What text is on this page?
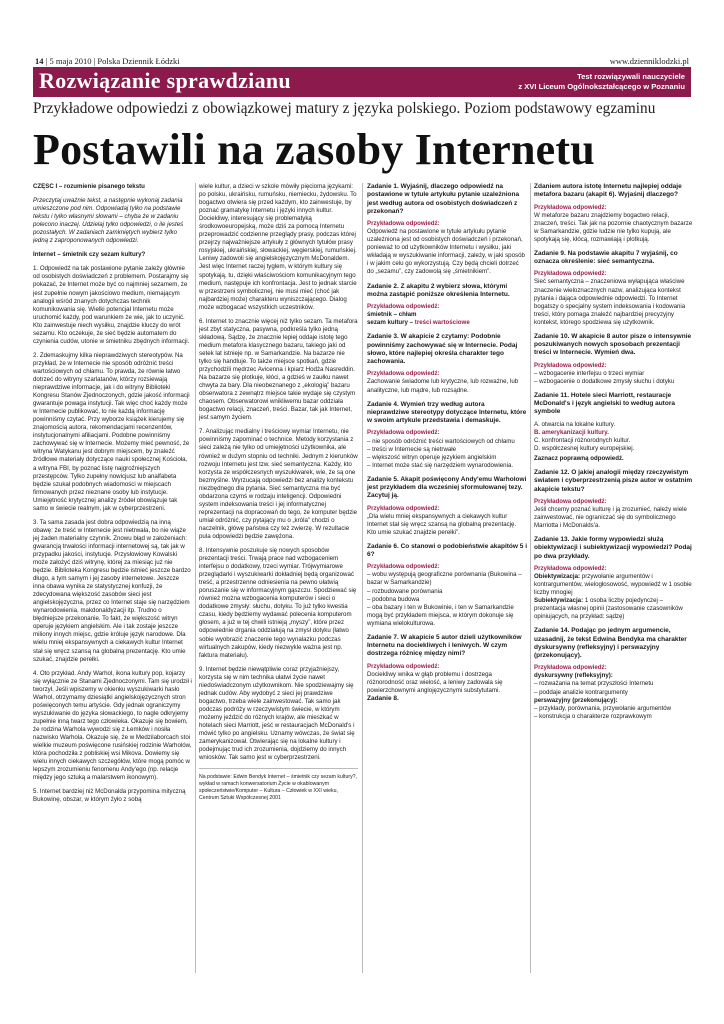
14 | 5 maja 2010 | Polska Dziennik Łódzki	www.dzienniklodzki.pl
Rozwiązanie sprawdzianu	Test rozwiązywali nauczyciele
z XVI Liceum Ogólnokształcącego w Poznaniu
Przykładowe odpowiedzi z obowiązkowej matury z języka polskiego. Poziom podstawowy egzaminu
Postawili na zasoby Internetu

CZĘŚĆ I – rozumienie pisanego tekstu

Przeczytaj uważnie tekst, a następnie wykonaj zadania umieszczone pod nim. Odpowiadaj tylko na podstawie tekstu i tylko własnymi słowami – chyba że w zadaniu polecono inaczej. Udzielaj tylko odpowiedzi, o ile jesteś pozostałych. W zadaniach zamkniętych wybierz tylko jedną z zaproponowanych odpowiedzi.

Internet – śmietnik czy sezam kultury?

1. Odpowiedź na tak postawione pytanie zależy głównie od osobistych doświadczeń z problemem. Postarajmy się pokazać, że Internet może być co najmniej sezamem, że jest zupełnie nowym jakościowo medium, niemającym analogii wśród znanych dotychczas technik komunikowania się. Wielki potencjał Internetu może uruchomić każdy, pod warunkiem że wie, jak to uczynić. Kto zainwestuje niech wysiłku, znajdzie kluczy do wrót sezamu. Kto oczekuje, że sieć będzie automatem do czynienia cudów, utonie w śmietniku zbędnych informacji.

2. Zdemaskujmy kilka nieprawdziwych stereotypów. Na przykład, że w Internecie nie sposób odróżnić treści wartościowych od chłamu. To prawda, że równie łatwo dotrzeć do witryny szarlatanów, którzy rozsiewają nieprawdziwe informacje, jak i do witryny Biblioteki Kongresu Stanów Zjednoczonych, gdzie jakość informacji gwarantuje powaga instytucji. Tak więc choć każdy może w Internecie publikować, to nie każdą informację powinniśmy czytać. Przy wyborze książek kierujemy się znajomością autora, rekomendacjami recenzentów, instytucjonalnymi afiliacjami. Podobne powinniśmy zachowywać się w Internecie. Możemy mieć pewność, że witryna Watykanu jest dobrym miejscem, by znaleźć źródłowe materiały dotyczące nauki społecznej Kościoła, a witryna FBI, by poznać listę najgroźniejszych przestępców. Tylko zupełny nowicjusz lub analfabeta będzie szukał podobnych wiadomości w miejscach firmowanych przez nieznane osoby lub instytucje. Umiejętność krytycznej analizy źródeł obowiązuje tak samo w świecie realnym, jak w cyberprzestrzeni.

3. Ta sama zasada jest dobra odpowiedzią na inną obawę: że treść w Internecie jest nietrwała, bo nie wiąże jej żaden materialny czynnik. Znowu błąd w założeniach: gwarancją trwałości informacji internetowej są, tak jak w przypadku jakości, instytucje. Przysłowiowy Kowalski może założyć dziś witrynę, której za miesiąc już nie będzie. Biblioteka Kongresu będzie istnieć jeszcze bardzo długo, a tym samym i jej zasoby internetowe. Jeszcze inna obawa wynika ze statystycznej konfuzji, że zdecydowana większość zasobów sieci jest angielskojęzyczna, przez co Internet staje się narzędziem wynarodowienia, makdonaldyzacji itp. Trudno o błędniejsze przekonanie. To fakt, że większość witryn operuje językiem angielskim. Ale i tak zostaje jeszcze miliony innych miejsc, gdzie króluje język narodowe. Dla wielu mniej ekspansywnych a ciekawych kultur Internet stał się wręcz szansą na globalną prezentację. Kto umie szukać, znajdzie perełki.

4. Oto przykład. Andy Warhol, ikona kultury pop, kojarzy się wyłącznie ze Stanami Zjednoczonymi. Tam się urodził i tworzył. Jeśli wpiszemy w okienku wyszukiwarki hasło Warhol, otrzymamy dziesiątki angielskojęzycznych stron poświęconych temu artyście. Gdy jednak ograniczymy wyszukiwanie do języka słowackiego, to nagle odkryjemy zupełnie inną twarz tego człowieka. Okazuje się bowiem, że rodzina Warhola wywodzi się z Łemków i nosiła nazwisko Warhola. Okazuje się, że w Medzilaborcach stoi wielkie muzeum poświęcone rusińskiej rodzinie Warholów, która pochodziła z pobliskiej wsi Mikova. Dowiemy się wielu innych ciekawych szczegółów, które mogą pomóc w lepszym zrozumieniu fenomenu Andy'ego (np. relacje między jego sztuką a malarstwem ikonowym).

5. Internet bardziej niż McDonalda przypomina mityczną Bukowinę, obszar, w którym żyło z sobą

wiele kultur, a dzieci w szkole mówiły pięcioma językami: po polsku, ukraińsku, rumuńsku, niemiecku, żydowsku. To bogactwo otwiera się przed każdym, kto zainwestuje, by poznać gramatykę Internetu i języki innych kultur. Dociekliwy, interesujący się problematyką środkowoeuropejską, może dziś za pomocą Internetu przeprowadzić codzienne przeglądy prasy, podczas której przejrzy najważniejsze artykuły z głównych tytułów prasy rosyjskiej, ukraińskiej, słowackiej, węgierskiej, rumuńskiej. Leniwy zadowoli się angielskojęzycznym McDonaldem. Jest więc Internet raczej tyglem, w którym kultury się spotykają, tu, dzięki właściwościom komunikacyjnym tego medium, następuje ich konfrontacja. Jest to jednak starcie w przestrzeni symbolicznej, nie musi mieć (choć jak najbardziej może) charakteru wyniszczającego. Dialog może wzbogacać wszystkich uczestników.

6. Internet to znacznie więcej niż tylko sezam. Ta metafora jest zbyt statyczna, pasywna, podkreśla tylko jedną składową. Sądzę, że znacznie lepiej oddaje istotę tego medium metafora klasycznego bazaru, takiego jaki od setek lat istnieje np. w Samarkandzie. Na bazarze nie tylko się handluje. To także miejsce spotkań, gdzie przychodzili mędrzec Avicenna i kpiarz Hodża Nasreddin. Na bazarze się plotkuje, kłóci, a gdzieś w zaułku nawet chwyta za bary. Dla nieobeznanego z „ekologią” bazaru obserwatora z zewnątrz miejsce takie wydaje się czystym chaosem. Obserwatorowi wnikliwemu bazar oddziała bogactwo relacji, znaczeń, treści. Bazar, tak jak Internet, jest samym życiem.

7. Analizując medialny i treściowy wymiar Internetu, nie powinniśmy zapominać o technice. Metody korzystania z sieci zależą nie tylko od umiejętności użytkownika, ale również w dużym stopniu od techniki. Jednym z kierunków rozwoju Internetu jest tzw. sieć semantyczna. Każdy, kto korzysta ze współczesnych wyszukiwarek, wie, że są one bezmyślne. Wyrzucają odpowiedzi bez analizy kontekstu niezbędnego dla pytania. Sieć semantyczna ma być obdarzona czymś w rodzaju inteligencji. Odpowiedni system indeksowania treści i jej informatycznej reprezentacji na dopracowań do tego, że komputer będzie umiał odróżnić, czy pytający mu o „króla” chodzi o naczelnik, główę państwa czy też zwierzę. W rezultacie pula odpowiedzi będzie zawężona.

8. Intensywnie poszukuje się nowych sposobów prezentacji treści. Trwają prace nad wzbogaceniem interfejsu o dodatkowy, trzeci wymiar. Trójwymiarowe przeglądarki i wyszukiwarki dokładniej będą organizować treść, a przestrzenne odniesienia na pewno ułatwią poruszanie się w informacyjnym gąszczu. Spodziewać się również można wzbogacenia komputerów i sieci o dodatkowe zmysły: słuchu, dotyku. To już tylko kwestia czasu, kiedy będziemy wydawać polecenia komputerom głosem, a już w tej chwili istnieją „myszy”, które przez odpowiednie drgania oddziałują na zmysł dotyku (łatwo sobie wyobrazić znaczenie tego wynalazku podczas wirtualnych zakupów, kiedy niezwykle ważna jest np. faktura materiału).

9. Internet będzie niewątpliwie coraz przyjaźniejszy, korzysta się w nim technika ułatwi życie nawet niedoświadczonym użytkownikom. Nie spodziewajmy się jednak cudów. Aby wydobyć z sieci jej prawdziwe bogactwo, trzeba wiele zainwestować. Tak samo jak podczas podróży w rzeczywistym świecie, w którym możemy jeździć do różnych krajów, ale mieszkać w hotelach sieci Marriott, jeść w restauracjach McDonald's i mówić tylko po angielsku. Uznamy wówczas, że świat się zamerykanizował. Otwierając się na lokalne kultury i podejmując trud ich zrozumienia, dojdziemy do innych wniosków. Tak samo jest w cyberprzestrzeni.

Na podstawie: Edwin Bendyk Internet – śmietnik czy sezam kultury?, wykład w ramach konwersatorium Życie w okablowanym społeczeństwie/Komputer – Kultura – Człowiek w XXI wieku, Centrum Sztuki Współczesnej 2001

Zadanie 1. Wyjaśnij, dlaczego odpowiedź na postawione w tytule artykułu pytanie uzależniona jest według autora od osobistych doświadczeń z przekonań?

Przykładowa odpowiedź:

Odpowiedź na postawione w tytule artykułu pytanie uzależniona jest od osobistych doświadczeń i przekonań, ponieważ to od użytkowników Internetu i wysiłku, jaki wkładają w wyszukiwanie informacji, zależy, w jaki sposób i w jakim celu go wykorzystują. Czy będą chcieli dotrzeć do „sezamu”, czy zadowolą się „śmietnikiem”.

Zadanie 2. Z akapitu 2 wybierz słowa, którymi można zastąpić poniższe określenia Internetu.

Przykładowa odpowiedź:

śmietnik – chłam

sezam kultury – treści wartościowe

Zadanie 3. W akapicie 2 czytamy: Podobnie powinniśmy zachowywać się w Internecie. Podaj słowo, które najlepiej określa charakter tego zachowania.

Przykładowa odpowiedź:

Zachowanie świadome lub krytyczne, lub rozważne, lub analityczne, lub mądre, lub rozsądne.

Zadanie 4. Wymień trzy według autora nieprawdziwe stereotypy dotyczące Internetu, które w swoim artykule przedstawia i demaskuje.

Przykładowa odpowiedź:

– nie sposób odróżnić treści wartościowych od chłamu

– treści w Internecie są nietrwałe

– większość witryn operuje językiem angielskim

– Internet może stać się narzędziem wynarodowienia.

Zadanie 5. Akapit poświęcony Andy'emu Warholowi jest przykładem dla wcześniej sformułowanej tezy. Zacytuj ją.

Przykładowa odpowiedź:

„Dla wielu mniej ekspansywnych a ciekawych kultur Internet stał się wręcz szansą na globalną prezentację. Kto umie szukać znajdzie perełki”.

Zadanie 6. Co stanowi o podobieństwie akapitów 5 i 6?

Przykładowa odpowiedź:

– wobu występują geograficzne porównania (Bukowina – bazar w Samarkandzie)

– rozbudowane porównania

– podobna budowa

– oba bazary i ten w Bukowinie, i ten w Samarkandzie mogą być przykładem miejsca, w którym dokonuje się wymiana wielokulturowa.

Zadanie 7. W akapicie 5 autor dzieli użytkowników Internetu na dociekliwych i leniwych. W czym dostrzega różnicę między nimi?

Przykładowa odpowiedź:

Dociekliwy wnika w głąb problemu i dostrzega różnorodność oraz wielość, a leniwy zadowala się powierzchownymi anglojęzycznymi substytutami.

Zadanie 8.

Zdaniem autora istotę Internetu najlepiej oddaje metafora bazaru (akapit 6). Wyjaśnij dlaczego?

Przykładowa odpowiedź:

W metaforze bazaru znajdziemy bogactwo relacji, znaczeń, treści. Tak jak na pozornie chaotycznym bazarze w Samarkandzie, gdzie ludzie nie tylko kupują, ale spotykają się, kłócą, rozmawiają i plotkują.

Zadanie 9. Na podstawie akapitu 7 wyjaśnij, co oznacza określenie: sieć semantyczna.

Przykładowa odpowiedź:

Sieć semantyczna – znaczeniowa wyłapująca właściwe znaczenie wieloznacznych nazw, analizująca kontekst pytania i dająca odpowiednie odpowiedzi. To Internet bogatszy o specjalny system indeksowania i kodowania treści, który pomaga znaleźć najbardziej precyzyjny kontekst, którego spodziewa się użytkownik.

Zadanie 10. W akapicie 8 autor pisze o intensywnie poszukiwanych nowych sposobach prezentacji treści w Internecie. Wymień dwa.

Przykładowa odpowiedź:

– wzbogacenie interfejsu o trzeci wymiar

– wzbogacenie o dodatkowe zmysły słuchu i dotyku

Zadanie 11. Hotele sieci Marriott, restauracje McDonald's i język angielski to według autora symbole

A. otwarcia na lokalne kultury.

B. amerykanizacji kultury.

C. konfrontacji różnorodnych kultur.

D. współczesnej kultury europejskiej.

Zaznacz poprawną odpowiedź.

Zadanie 12. O jakiej analogii między rzeczywistym światem i cyberprzestrzenią pisze autor w ostatnim akapicie tekstu?

Przykładowa odpowiedź:

Jeśli chcemy poznać kulturę i ją zrozumieć, należy wiele zainwestować, nie ograniczać się do symbolicznego Marriotta i McDonalds'a.

Zadanie 13. Jakie formy wypowiedzi służą obiektywizacji i subiektywizacji wypowiedzi? Podaj po dwa przykłady.

Przykładowa odpowiedź:

Obiektywizacja: przywołanie argumentów i kontrargumentów, wielogłosowość, wypowiedź w 1 osobie liczby mnogiej

Subiektywizacja: 1 osoba liczby pojedynczej – prezentacja własnej opinii (zastosowanie czasowników opiniujących, na przykład: sądzę)

Zadanie 14. Podając po jednym argumencie, uzasadnij, że tekst Edwina Bendyka ma charakter dyskursywny (refleksyjny) i perswazyjny (przekonujący).

Przykładowa odpowiedź:

dyskursywny (refleksyjny):

– rozważania na temat przyszłości Internetu

– poddaje analizie kontrargumenty

perswazyjny (przekonujący):

– przykłady, porównania, przywołanie argumentów

– konstrukcja o charakterze rozprawkowym
